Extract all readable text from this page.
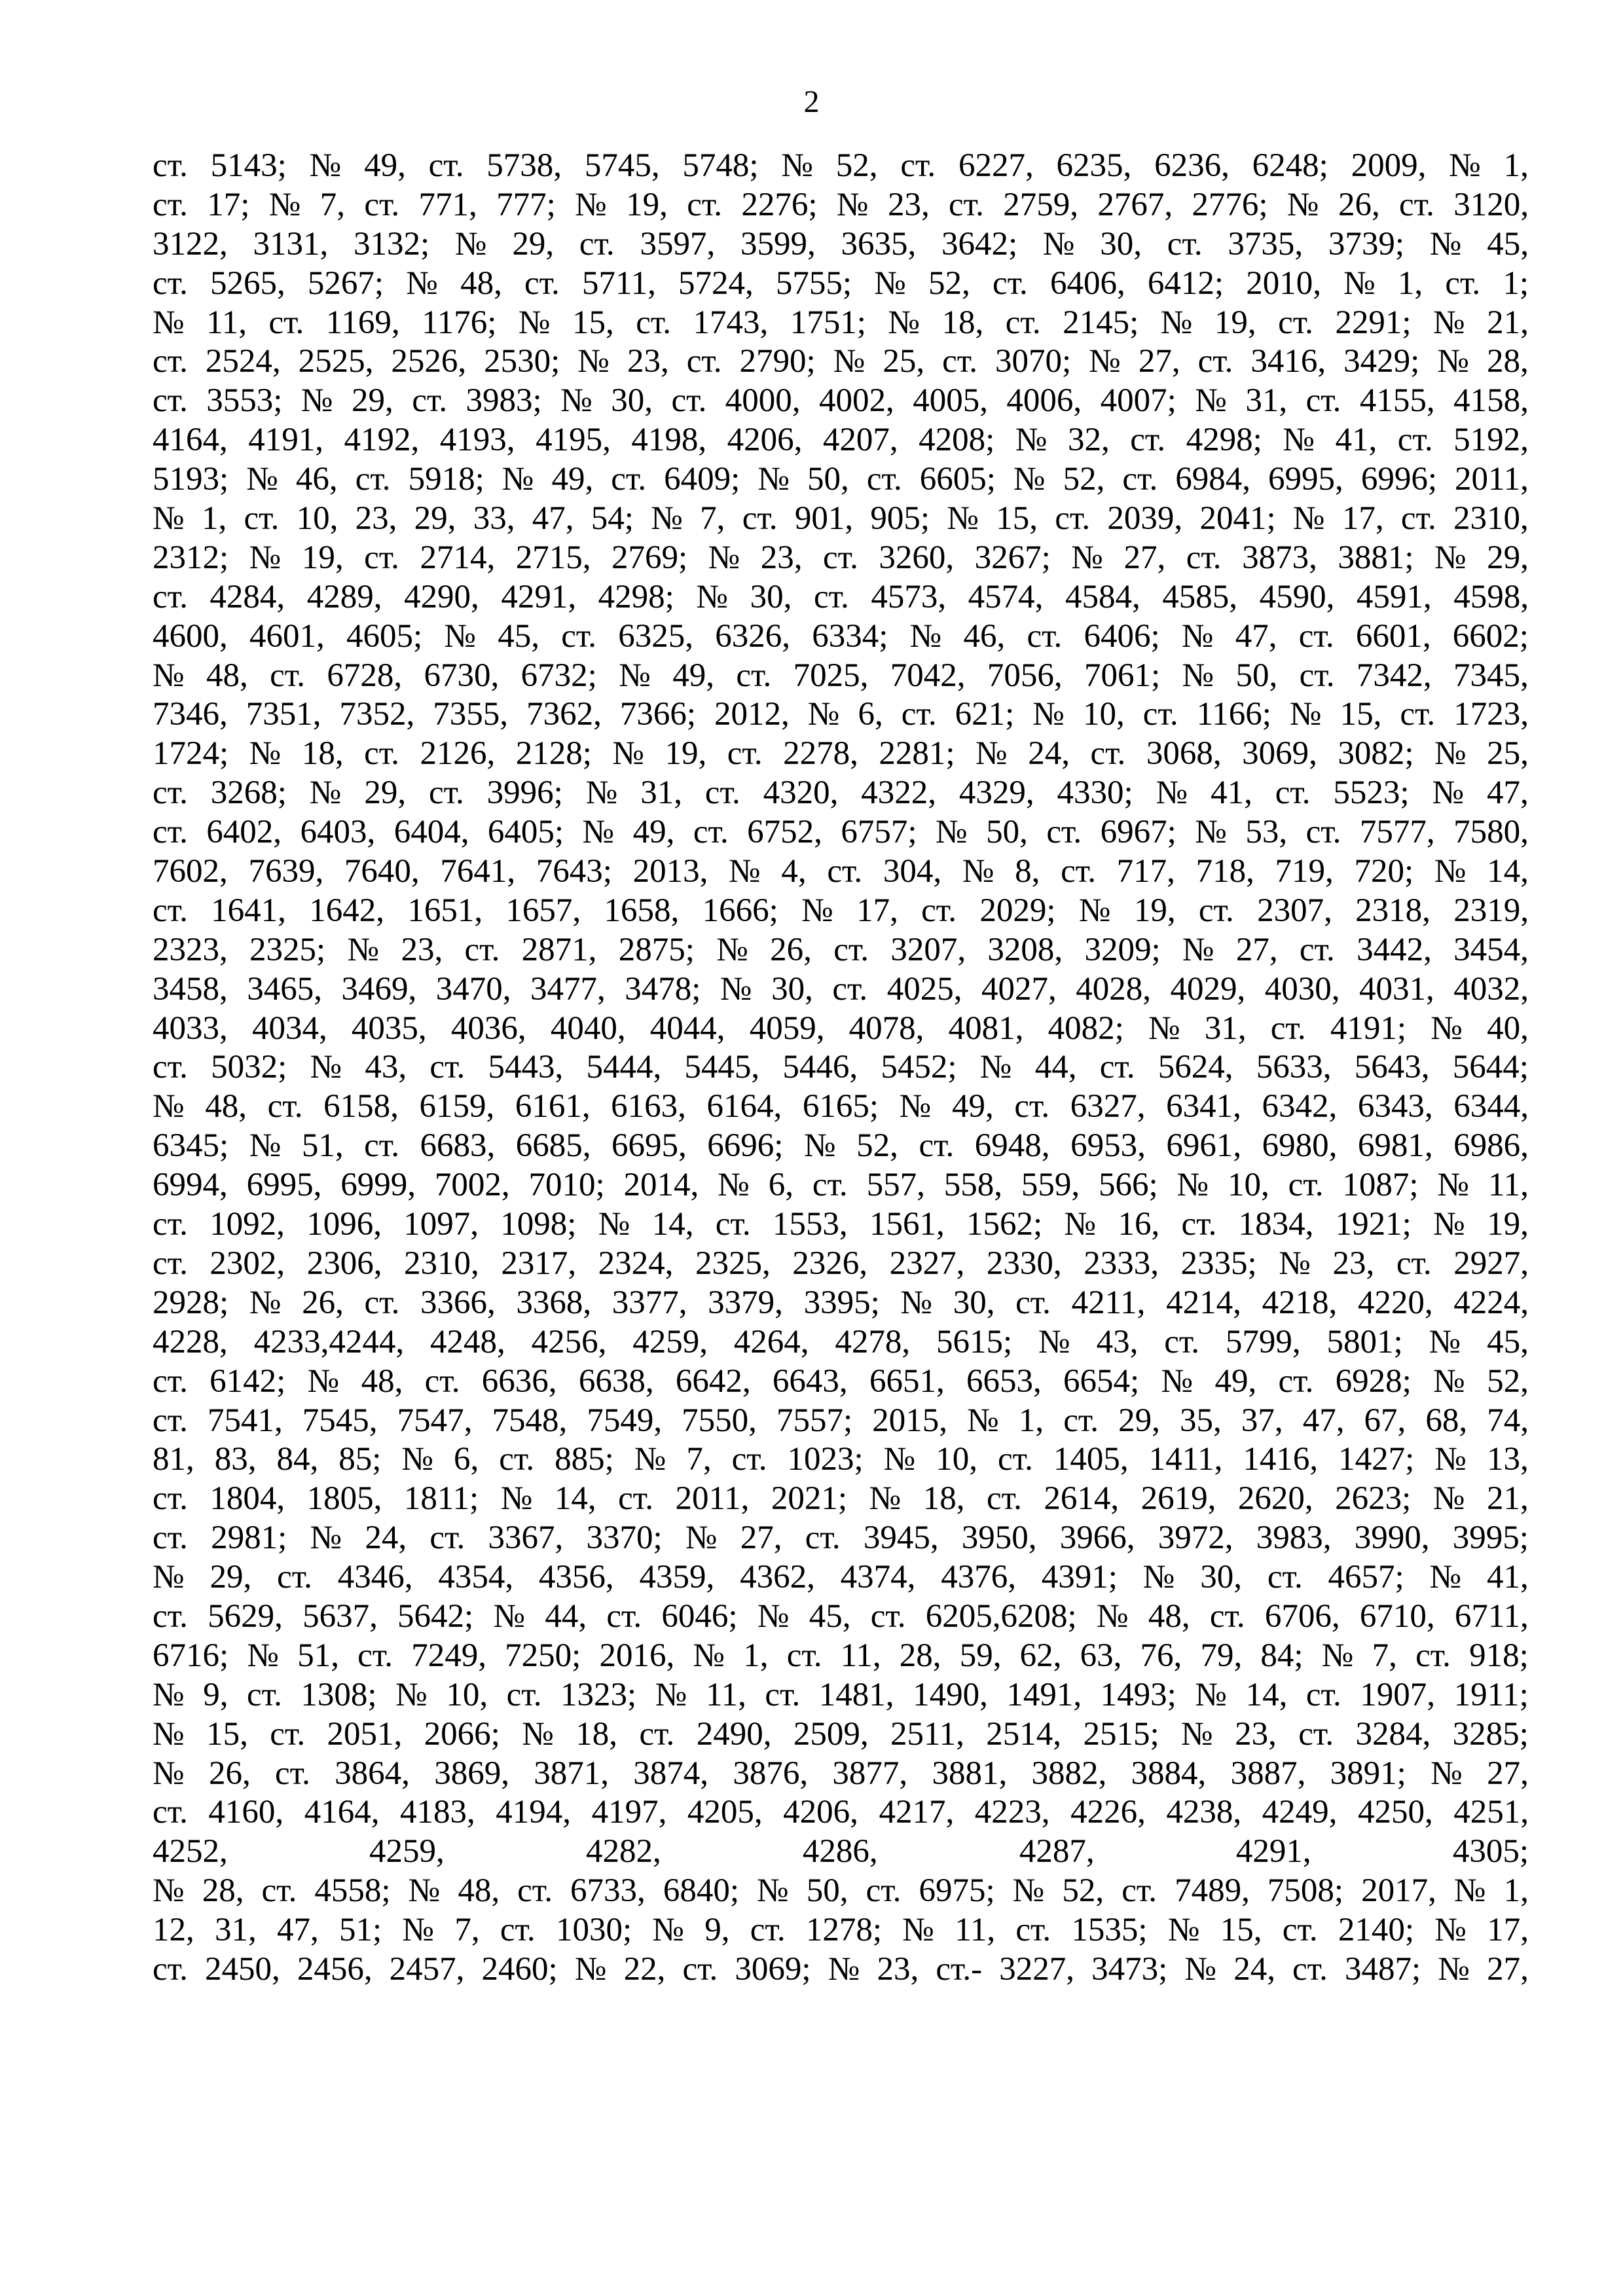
2
ст. 5143; № 49, ст. 5738, 5745, 5748; № 52, ст. 6227, 6235, 6236, 6248; 2009, № 1,
ст. 17; № 7, ст. 771, 777; № 19, ст. 2276; № 23, ст. 2759, 2767, 2776; № 26, ст. 3120,
3122, 3131, 3132; № 29, ст. 3597, 3599, 3635, 3642; № 30, ст. 3735, 3739; № 45,
ст. 5265, 5267; № 48, ст. 5711, 5724, 5755; № 52, ст. 6406, 6412; 2010, № 1, ст. 1;
№ 11, ст. 1169, 1176; № 15, ст. 1743, 1751; № 18, ст. 2145; № 19, ст. 2291; № 21,
ст. 2524, 2525, 2526, 2530; № 23, ст. 2790; № 25, ст. 3070; № 27, ст. 3416, 3429; № 28,
ст. 3553; № 29, ст. 3983; № 30, ст. 4000, 4002, 4005, 4006, 4007; № 31, ст. 4155, 4158,
4164, 4191, 4192, 4193, 4195, 4198, 4206, 4207, 4208; № 32, ст. 4298; № 41, ст. 5192,
5193; № 46, ст. 5918; № 49, ст. 6409; № 50, ст. 6605; № 52, ст. 6984, 6995, 6996; 2011,
№ 1, ст. 10, 23, 29, 33, 47, 54; № 7, ст. 901, 905; № 15, ст. 2039, 2041; № 17, ст. 2310,
2312; № 19, ст. 2714, 2715, 2769; № 23, ст. 3260, 3267; № 27, ст. 3873, 3881; № 29,
ст. 4284, 4289, 4290, 4291, 4298; № 30, ст. 4573, 4574, 4584, 4585, 4590, 4591, 4598,
4600, 4601, 4605; № 45, ст. 6325, 6326, 6334; № 46, ст. 6406; № 47, ст. 6601, 6602;
№ 48, ст. 6728, 6730, 6732; № 49, ст. 7025, 7042, 7056, 7061; № 50, ст. 7342, 7345,
7346, 7351, 7352, 7355, 7362, 7366; 2012, № 6, ст. 621; № 10, ст. 1166; № 15, ст. 1723,
1724; № 18, ст. 2126, 2128; № 19, ст. 2278, 2281; № 24, ст. 3068, 3069, 3082; № 25,
ст. 3268; № 29, ст. 3996; № 31, ст. 4320, 4322, 4329, 4330; № 41, ст. 5523; № 47,
ст. 6402, 6403, 6404, 6405; № 49, ст. 6752, 6757; № 50, ст. 6967; № 53, ст. 7577, 7580,
7602, 7639, 7640, 7641, 7643; 2013, № 4, ст. 304, № 8, ст. 717, 718, 719, 720; № 14,
ст. 1641, 1642, 1651, 1657, 1658, 1666; № 17, ст. 2029; № 19, ст. 2307, 2318, 2319,
2323, 2325; № 23, ст. 2871, 2875; № 26, ст. 3207, 3208, 3209; № 27, ст. 3442, 3454,
3458, 3465, 3469, 3470, 3477, 3478; № 30, ст. 4025, 4027, 4028, 4029, 4030, 4031, 4032,
4033, 4034, 4035, 4036, 4040, 4044, 4059, 4078, 4081, 4082; № 31, ст. 4191; № 40,
ст. 5032; № 43, ст. 5443, 5444, 5445, 5446, 5452; № 44, ст. 5624, 5633, 5643, 5644;
№ 48, ст. 6158, 6159, 6161, 6163, 6164, 6165; № 49, ст. 6327, 6341, 6342, 6343, 6344,
6345; № 51, ст. 6683, 6685, 6695, 6696; № 52, ст. 6948, 6953, 6961, 6980, 6981, 6986,
6994, 6995, 6999, 7002, 7010; 2014, № 6, ст. 557, 558, 559, 566; № 10, ст. 1087; № 11,
ст. 1092, 1096, 1097, 1098; № 14, ст. 1553, 1561, 1562; № 16, ст. 1834, 1921; № 19,
ст. 2302, 2306, 2310, 2317, 2324, 2325, 2326, 2327, 2330, 2333, 2335; № 23, ст. 2927,
2928; № 26, ст. 3366, 3368, 3377, 3379, 3395; № 30, ст. 4211, 4214, 4218, 4220, 4224,
4228, 4233,4244, 4248, 4256, 4259, 4264, 4278, 5615; № 43, ст. 5799, 5801; № 45,
ст. 6142; № 48, ст. 6636, 6638, 6642, 6643, 6651, 6653, 6654; № 49, ст. 6928; № 52,
ст. 7541, 7545, 7547, 7548, 7549, 7550, 7557; 2015, № 1, ст. 29, 35, 37, 47, 67, 68, 74,
81, 83, 84, 85; № 6, ст. 885; № 7, ст. 1023; № 10, ст. 1405, 1411, 1416, 1427; № 13,
ст. 1804, 1805, 1811; № 14, ст. 2011, 2021; № 18, ст. 2614, 2619, 2620, 2623; № 21,
ст. 2981; № 24, ст. 3367, 3370; № 27, ст. 3945, 3950, 3966, 3972, 3983, 3990, 3995;
№ 29, ст. 4346, 4354, 4356, 4359, 4362, 4374, 4376, 4391; № 30, ст. 4657; № 41,
ст. 5629, 5637, 5642; № 44, ст. 6046; № 45, ст. 6205,6208; № 48, ст. 6706, 6710, 6711,
6716; № 51, ст. 7249, 7250; 2016, № 1, ст. 11, 28, 59, 62, 63, 76, 79, 84; № 7, ст. 918;
№ 9, ст. 1308; № 10, ст. 1323; № 11, ст. 1481, 1490, 1491, 1493; № 14, ст. 1907, 1911;
№ 15, ст. 2051, 2066; № 18, ст. 2490, 2509, 2511, 2514, 2515; № 23, ст. 3284, 3285;
№ 26, ст. 3864, 3869, 3871, 3874, 3876, 3877, 3881, 3882, 3884, 3887, 3891; № 27,
ст. 4160, 4164, 4183, 4194, 4197, 4205, 4206, 4217, 4223, 4226, 4238, 4249, 4250, 4251,
4252,	4259,	4282,	4286,	4287,	4291,	4305;
№ 28, ст. 4558; № 48, ст. 6733, 6840; № 50, ст. 6975; № 52, ст. 7489, 7508; 2017, № 1,
12, 31, 47, 51; № 7, ст. 1030; № 9, ст. 1278; № 11, ст. 1535; № 15, ст. 2140; № 17,
ст. 2450, 2456, 2457, 2460; № 22, ст. 3069; № 23, ст.- 3227, 3473; № 24, ст. 3487; № 27,
